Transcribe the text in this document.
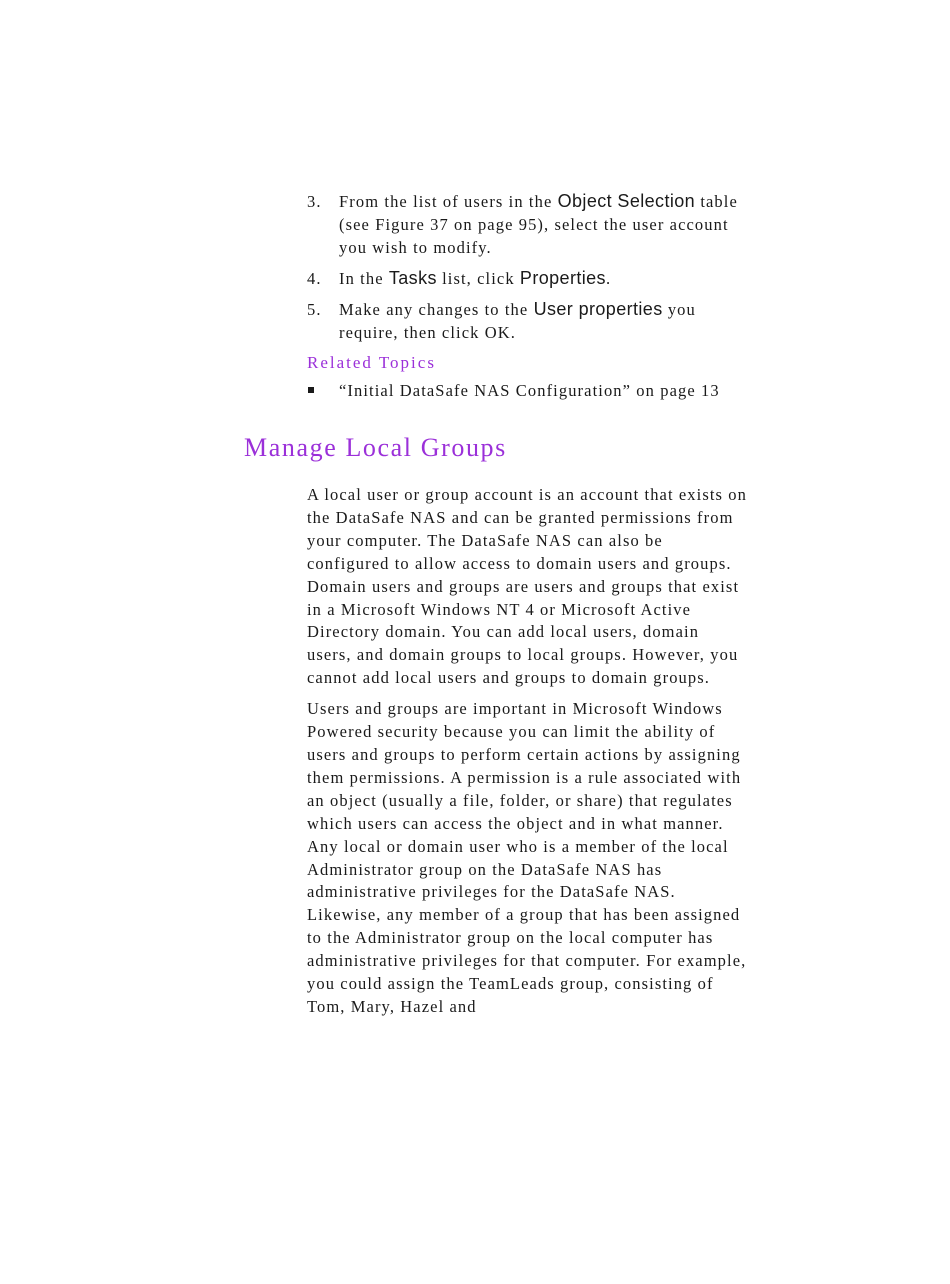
3. From the list of users in the Object Selection table (see Figure 37 on page 95), select the user account you wish to modify.
4. In the Tasks list, click Properties.
5. Make any changes to the User properties you require, then click OK.
Related Topics
“Initial DataSafe NAS Configuration” on page 13
Manage Local Groups

A local user or group account is an account that exists on the DataSafe NAS and can be granted permissions from your computer. The DataSafe NAS can also be configured to allow access to domain users and groups. Domain users and groups are users and groups that exist in a Microsoft Windows NT 4 or Microsoft Active Directory domain. You can add local users, domain users, and domain groups to local groups. However, you cannot add local users and groups to domain groups.

Users and groups are important in Microsoft Windows Powered security because you can limit the ability of users and groups to perform certain actions by assigning them permissions. A permission is a rule associated with an object (usually a file, folder, or share) that regulates which users can access the object and in what manner. Any local or domain user who is a member of the local Administrator group on the DataSafe NAS has administrative privileges for the DataSafe NAS. Likewise, any member of a group that has been assigned to the Administrator group on the local computer has administrative privileges for that computer. For example, you could assign the TeamLeads group, consisting of Tom, Mary, Hazel and
